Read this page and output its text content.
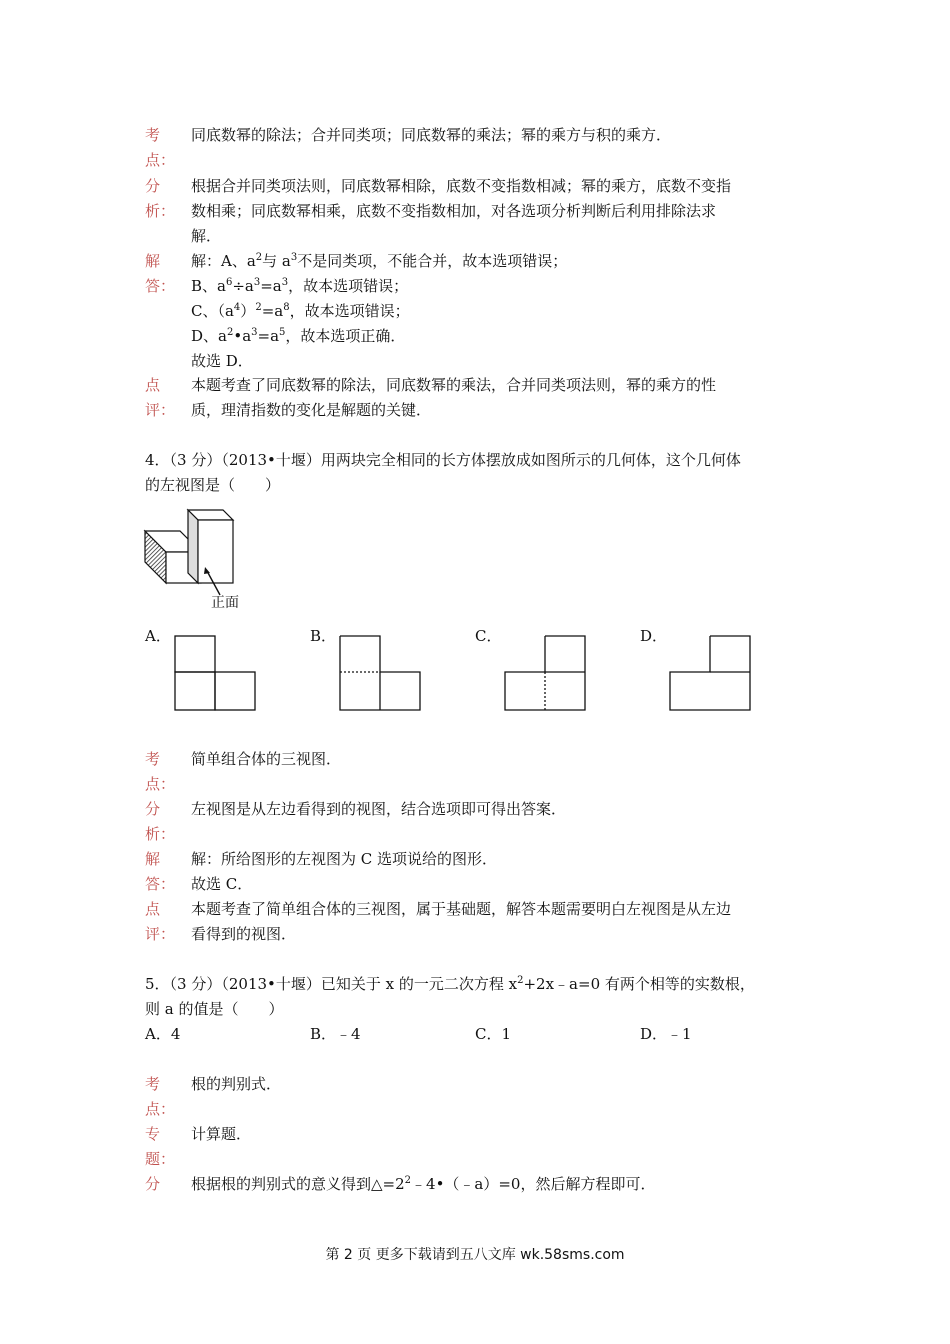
考
点：
同底数幂的除法；合并同类项；同底数幂的乘法；幂的乘方与积的乘方．
分
析：
根据合并同类项法则，同底数幂相除，底数不变指数相减；幂的乘方，底数不变指
数相乘；同底数幂相乘，底数不变指数相加，对各选项分析判断后利用排除法求
解．
解
答：
解：A、$a^2$与 $a^3$不是同类项，不能合并，故本选项错误；
B、$a^6\div a^3=a^3$，故本选项错误；
C、$(a^4)^2=a^8$，故本选项错误；
D、$a^2•a^3=a^5$，故本选项正确．
故选 D．
点
评：
本题考查了同底数幂的除法，同底数幂的乘法，合并同类项法则，幂的乘方的性
质，理清指数的变化是解题的关键．
4．（3 分）（2013•十堰）用两块完全相同的长方体摆放成如图所示的几何体，这个几何体
的左视图是（　　）
正面
A．	B．	C．	D．
考
点：
简单组合体的三视图．
分
析：
左视图是从左边看得到的视图，结合选项即可得出答案．
解
答：
解：所给图形的左视图为 C 选项说给的图形．
故选 C．
点
评：
本题考查了简单组合体的三视图，属于基础题，解答本题需要明白左视图是从左边
看得到的视图．
5．（3 分）（2013•十堰）已知关于 x 的一元二次方程 $x^2+2x﹣a=0$ 有两个相等的实数根，
则 a 的值是（　　）
A．4	B．﹣4	C．1	D．﹣1
考
点：
根的判别式．
专
题：
计算题．
分	根据根的判别式的意义得到$\triangle=2^2﹣4•(﹣a)=0$，然后解方程即可．
第 2 页 更多下载请到五八文库 wk.58sms.com
